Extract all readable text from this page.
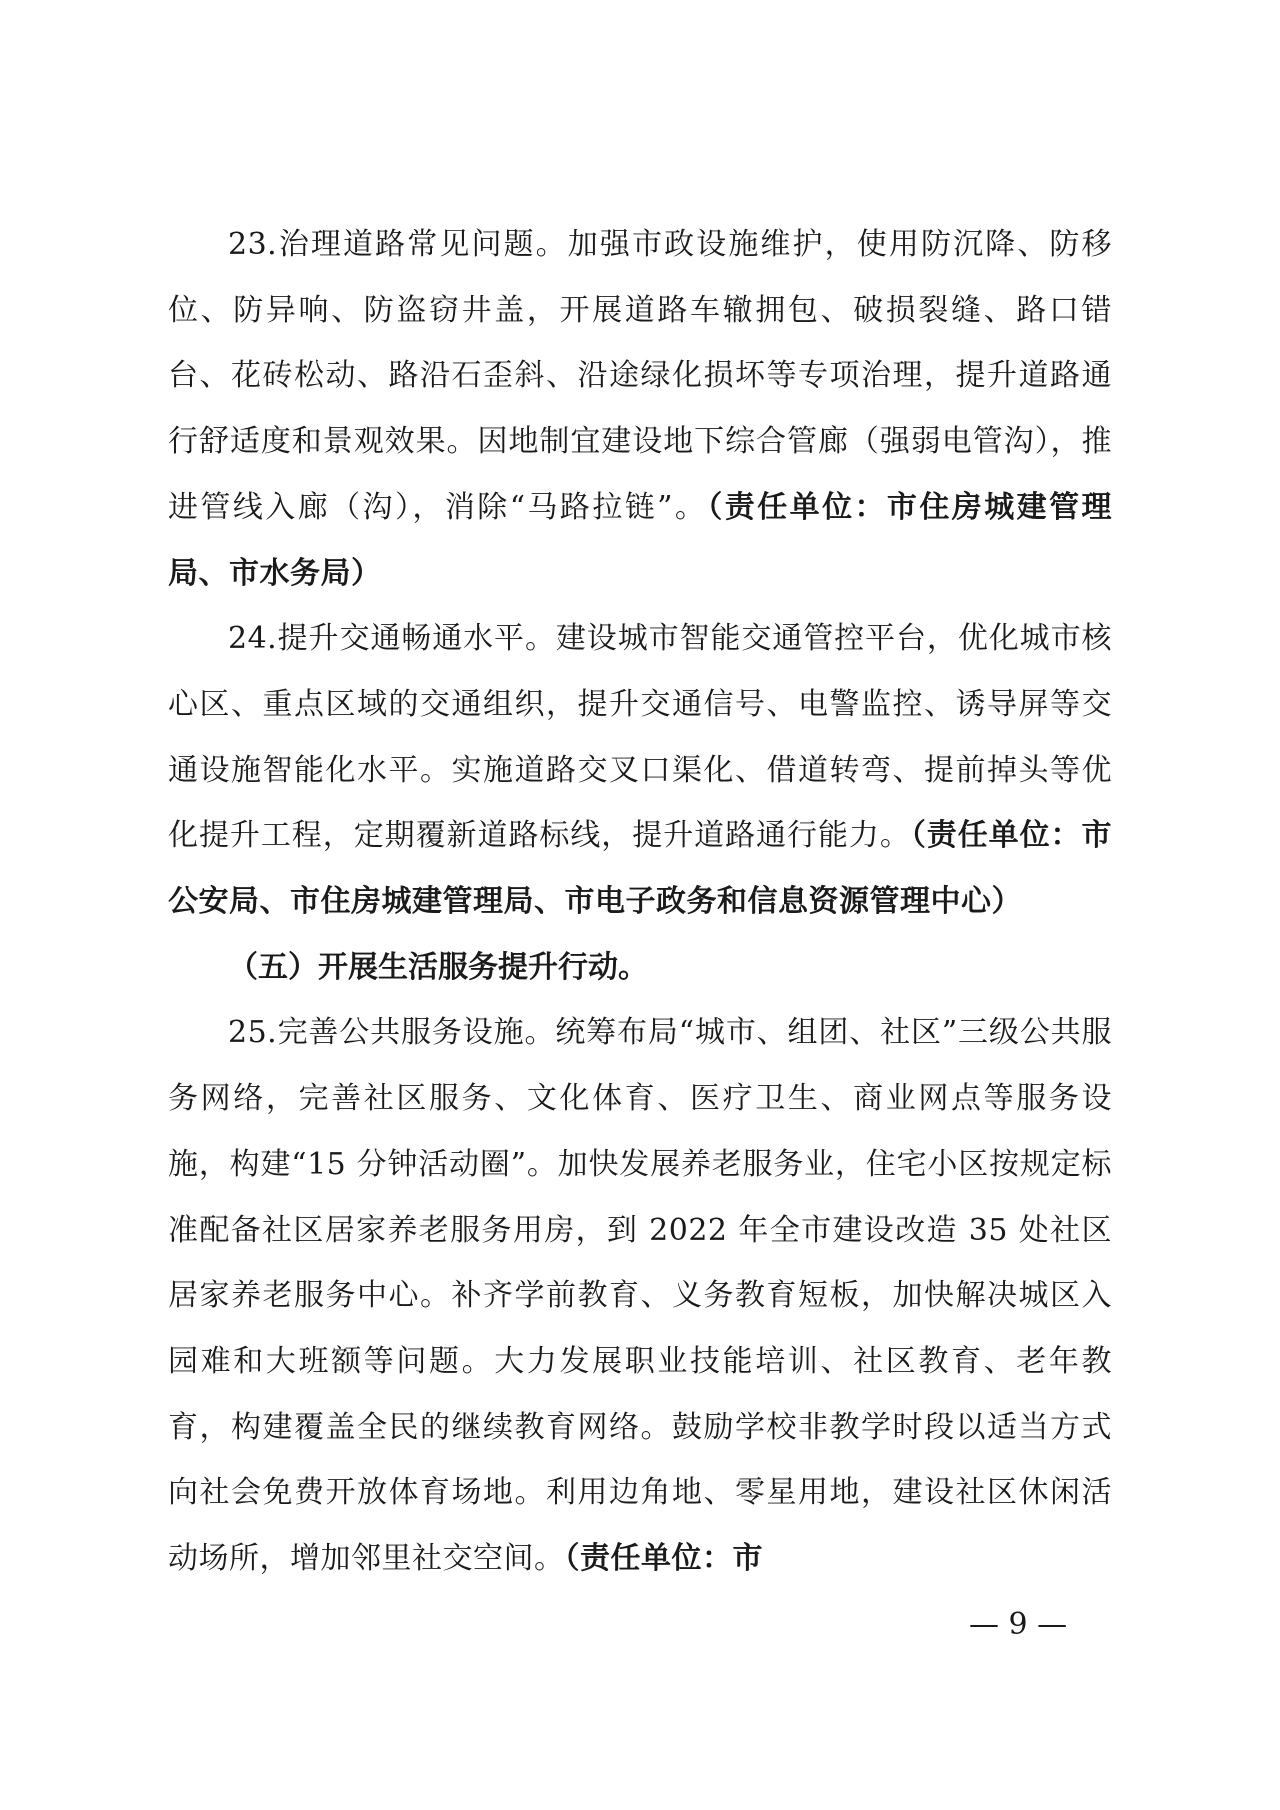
23.治理道路常见问题。加强市政设施维护，使用防沉降、防移位、防异响、防盗窃井盖，开展道路车辙拥包、破损裂缝、路口错台、花砖松动、路沿石歪斜、沿途绿化损坏等专项治理，提升道路通行舒适度和景观效果。因地制宜建设地下综合管廊（强弱电管沟），推进管线入廊（沟），消除“马路拉链”。（责任单位：市住房城建管理局、市水务局）

24.提升交通畅通水平。建设城市智能交通管控平台，优化城市核心区、重点区域的交通组织，提升交通信号、电警监控、诱导屏等交通设施智能化水平。实施道路交叉口渠化、借道转弯、提前掉头等优化提升工程，定期覆新道路标线，提升道路通行能力。（责任单位：市公安局、市住房城建管理局、市电子政务和信息资源管理中心）

（五）开展生活服务提升行动。

25.完善公共服务设施。统筹布局“城市、组团、社区”三级公共服务网络，完善社区服务、文化体育、医疗卫生、商业网点等服务设施，构建“15 分钟活动圈”。加快发展养老服务业，住宅小区按规定标准配备社区居家养老服务用房，到 2022 年全市建设改造 35 处社区居家养老服务中心。补齐学前教育、义务教育短板，加快解决城区入园难和大班额等问题。大力发展职业技能培训、社区教育、老年教育，构建覆盖全民的继续教育网络。鼓励学校非教学时段以适当方式向社会免费开放体育场地。利用边角地、零星用地，建设社区休闲活动场所，增加邻里社交空间。（责任单位：市

— 9 —
